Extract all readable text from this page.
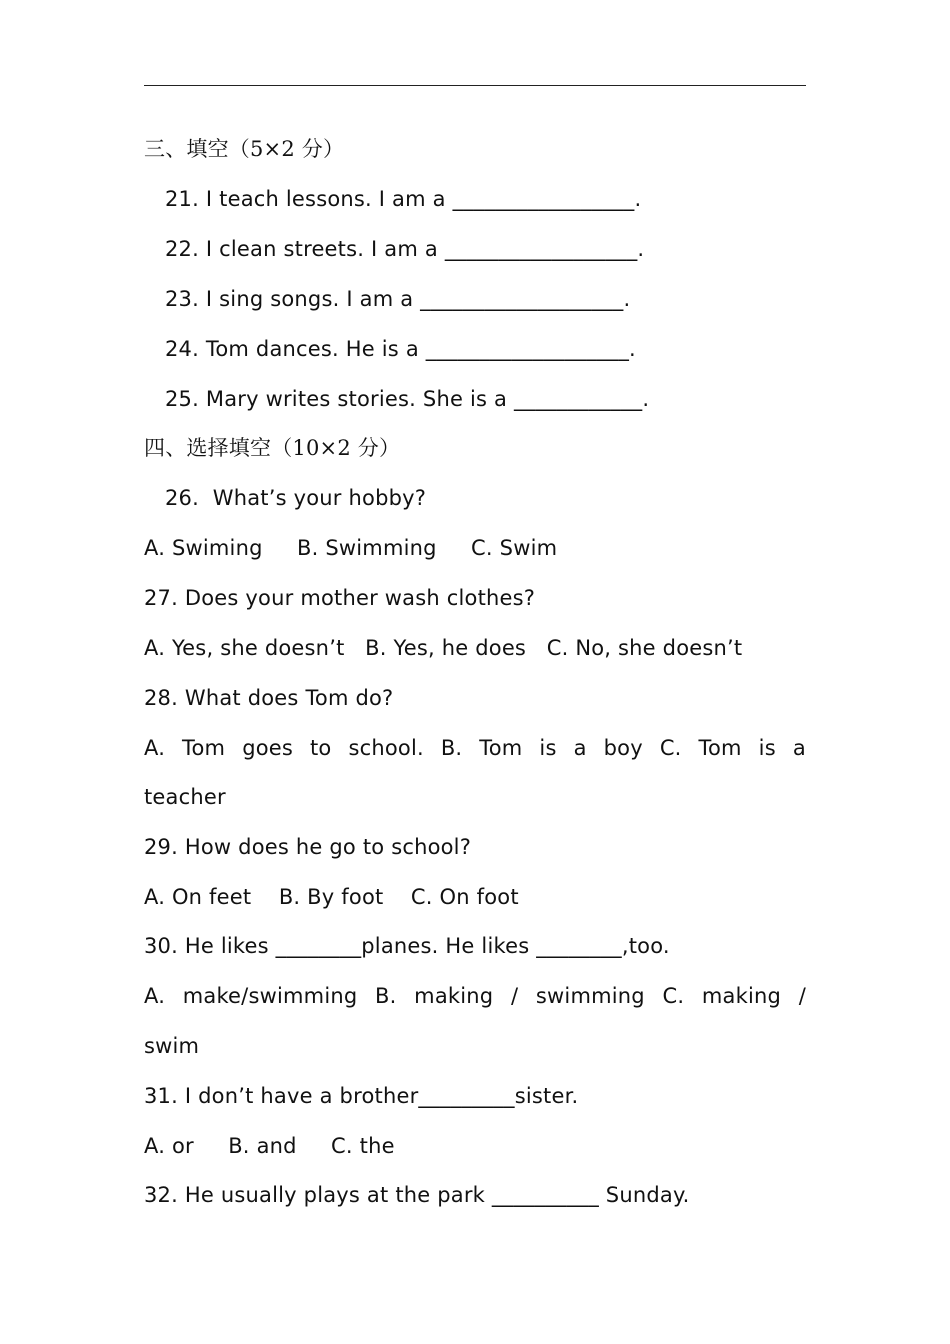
三、填空（5×2 分）
21. I teach lessons. I am a _________________.
22. I clean streets. I am a __________________.
23. I sing songs. I am a ___________________.
24. Tom dances. He is a ___________________.
25. Mary writes stories. She is a ____________.
四、选择填空（10×2 分）
26.  What’s your hobby?
A. Swiming     B. Swimming     C. Swim
27. Does your mother wash clothes?
A. Yes, she doesn’t   B. Yes, he does   C. No, she doesn’t
28. What does Tom do?
A. Tom goes to school. B. Tom is a boy C. Tom is a
teacher
29. How does he go to school?
A. On feet    B. By foot    C. On foot
30. He likes ________planes. He likes ________,too.
A. make/swimming B. making / swimming C. making /
swim
31. I don’t have a brother_________sister.
A. or     B. and     C. the
32. He usually plays at the park __________ Sunday.
